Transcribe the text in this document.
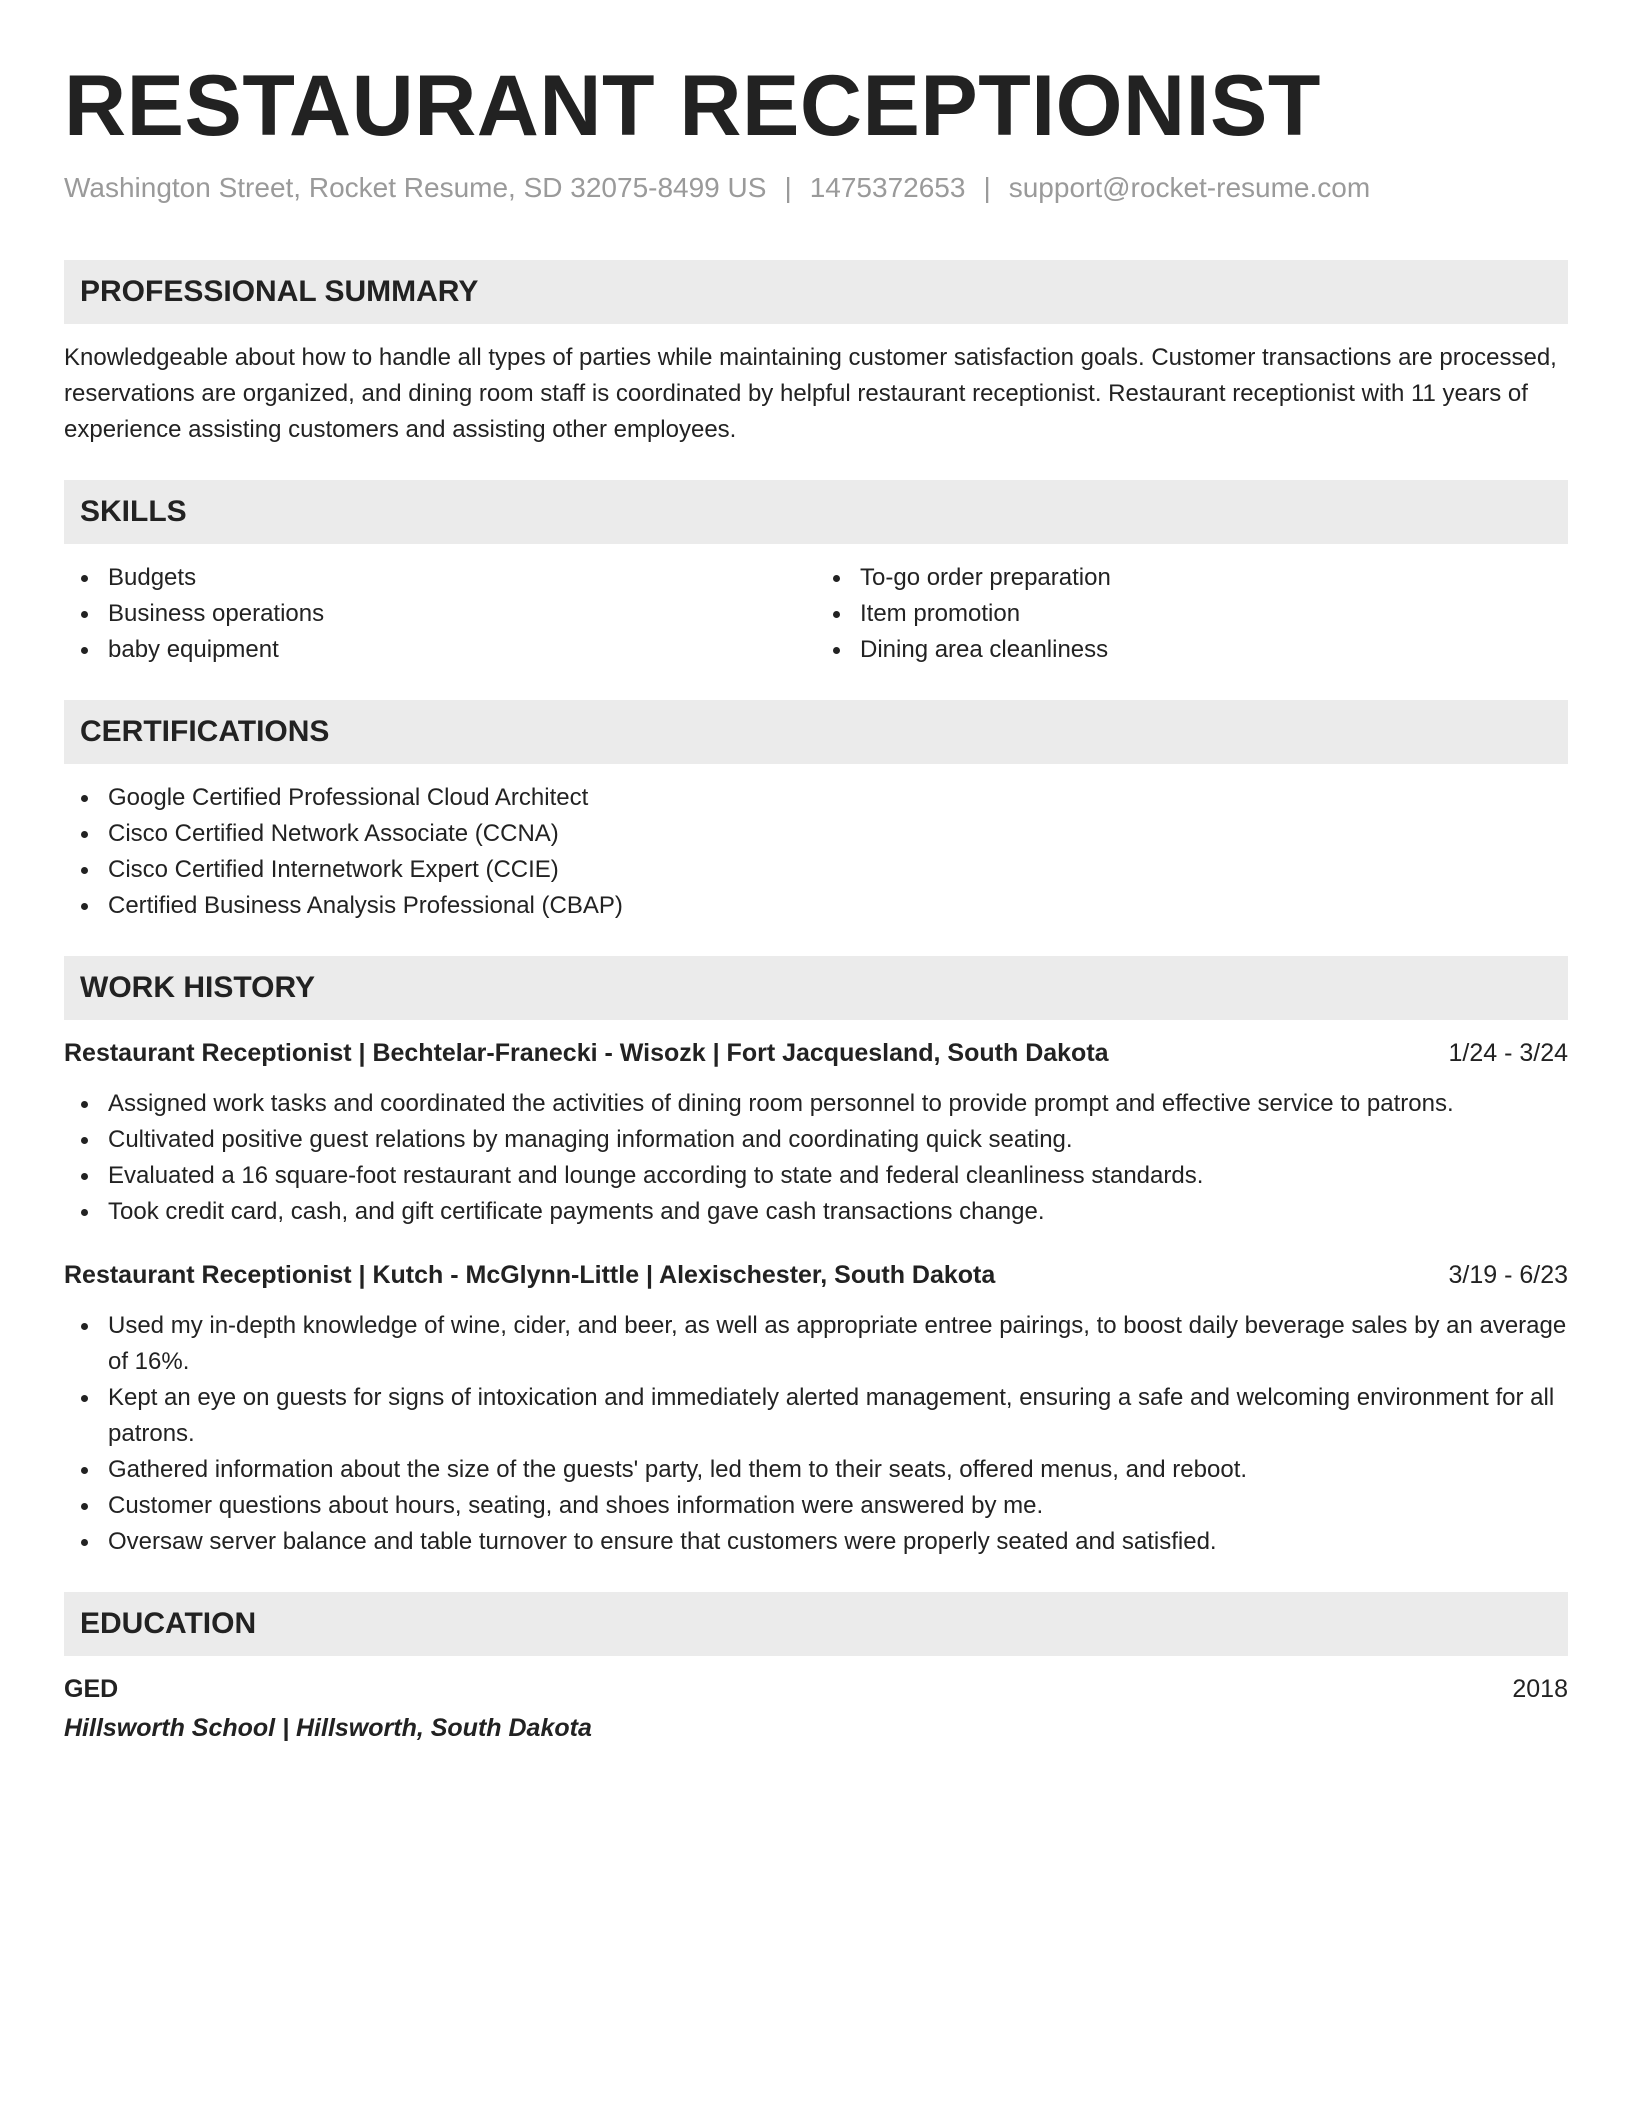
RESTAURANT RECEPTIONIST
Washington Street, Rocket Resume, SD 32075-8499 US | 1475372653 | support@rocket-resume.com
PROFESSIONAL SUMMARY

Knowledgeable about how to handle all types of parties while maintaining customer satisfaction goals. Customer transactions are processed, reservations are organized, and dining room staff is coordinated by helpful restaurant receptionist. Restaurant receptionist with 11 years of experience assisting customers and assisting other employees.

SKILLS
Budgets
Business operations
baby equipment
To-go order preparation
Item promotion
Dining area cleanliness
CERTIFICATIONS
Google Certified Professional Cloud Architect
Cisco Certified Network Associate (CCNA)
Cisco Certified Internetwork Expert (CCIE)
Certified Business Analysis Professional (CBAP)
WORK HISTORY
Restaurant Receptionist | Bechtelar-Franecki - Wisozk | Fort Jacquesland, South Dakota	1/24 - 3/24
Assigned work tasks and coordinated the activities of dining room personnel to provide prompt and effective service to patrons.
Cultivated positive guest relations by managing information and coordinating quick seating.
Evaluated a 16 square-foot restaurant and lounge according to state and federal cleanliness standards.
Took credit card, cash, and gift certificate payments and gave cash transactions change.
Restaurant Receptionist | Kutch - McGlynn-Little | Alexischester, South Dakota	3/19 - 6/23
Used my in-depth knowledge of wine, cider, and beer, as well as appropriate entree pairings, to boost daily beverage sales by an average of 16%.
Kept an eye on guests for signs of intoxication and immediately alerted management, ensuring a safe and welcoming environment for all patrons.
Gathered information about the size of the guests' party, led them to their seats, offered menus, and reboot.
Customer questions about hours, seating, and shoes information were answered by me.
Oversaw server balance and table turnover to ensure that customers were properly seated and satisfied.
EDUCATION
GED	2018
Hillsworth School | Hillsworth, South Dakota
